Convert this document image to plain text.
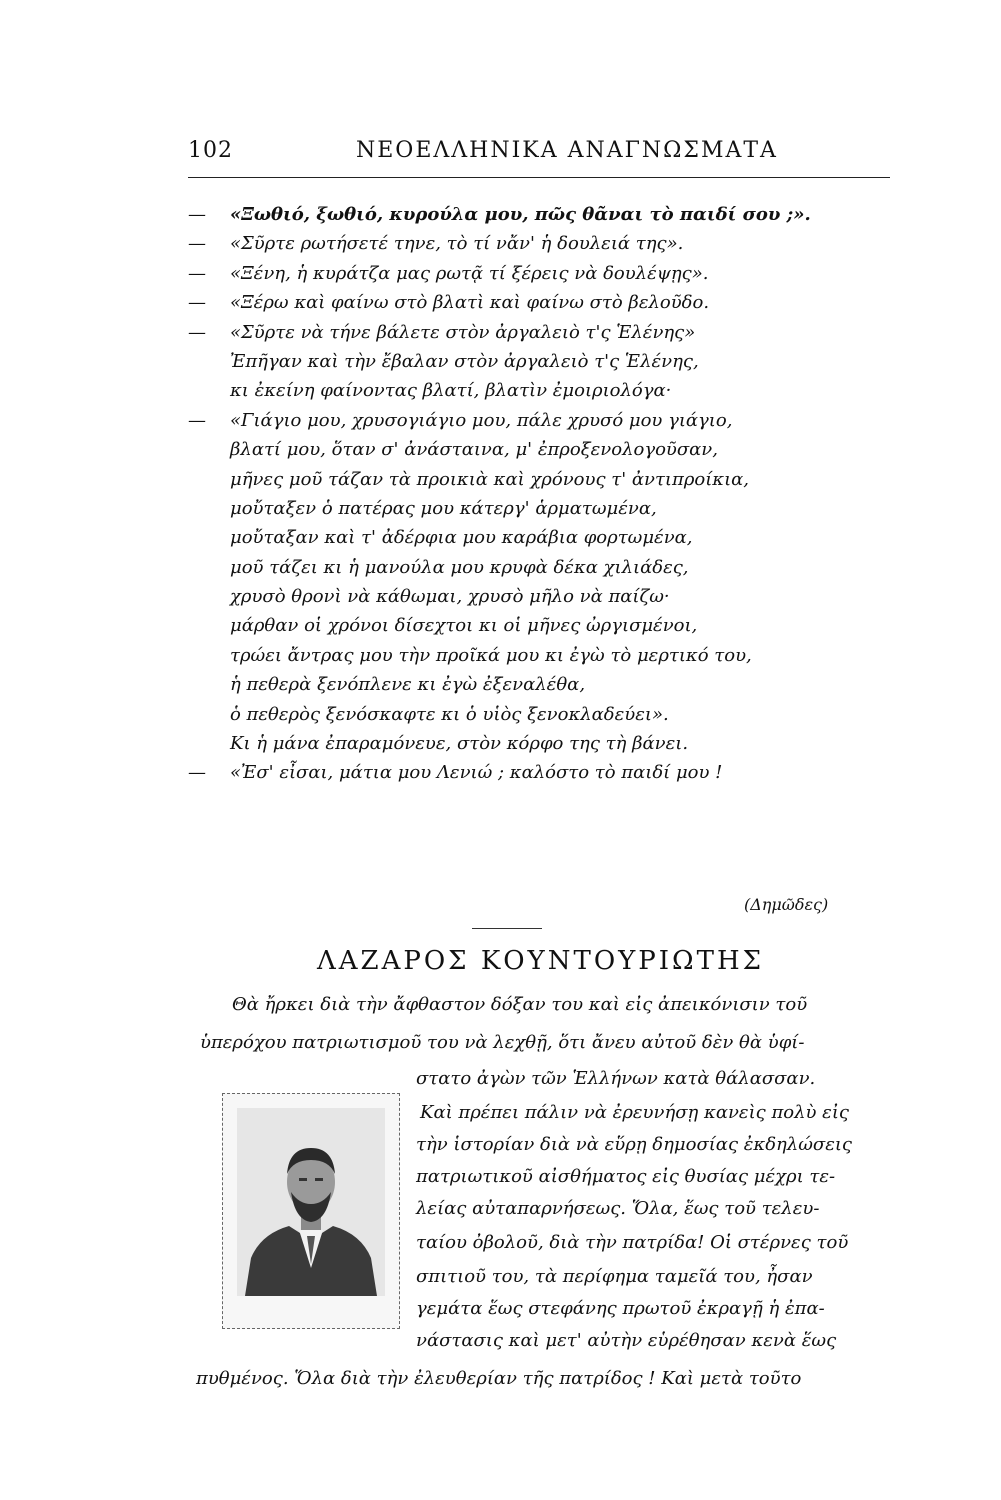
102	ΝΕΟΕΛΛΗΝΙΚΑ ΑΝΑΓΝΩΣΜΑΤΑ
— «Ξωθιό, ξωθιό, κυρούλα μου, πῶς θᾶναι τὸ παιδί σου ;».
— «Σῦρτε ρωτήσετέ τηνε, τὸ τί νἄν' ἡ δουλειά της».
— «Ξένη, ἡ κυράτζα μας ρωτᾷ τί ξέρεις νὰ δουλέψῃς».
— «Ξέρω καὶ φαίνω στὸ βλατὶ καὶ φαίνω στὸ βελοῦδο.
— «Σῦρτε νὰ τήνε βάλετε στὸν ἀργαλειὸ τ'ς Ἑλένης»
Ἐπῆγαν καὶ τὴν ἔβαλαν στὸν ἀργαλειὸ τ'ς Ἑλένης,
κι ἐκείνη φαίνοντας βλατί, βλατὶν ἐμοιριολόγα·
— «Γιάγιο μου, χρυσογιάγιο μου, πάλε χρυσό μου γιάγιο,
βλατί μου, ὅταν σ' ἀνάσταινα, μ' ἐπροξενολογοῦσαν,
μῆνες μοῦ τάζαν τὰ προικιὰ καὶ χρόνους τ' ἀντιπροίκια,
μοὔταξεν ὁ πατέρας μου κάτεργ' ἁρματωμένα,
μοὔταξαν καὶ τ' ἀδέρφια μου καράβια φορτωμένα,
μοῦ τάζει κι ἡ μανούλα μου κρυφὰ δέκα χιλιάδες,
χρυσὸ θρονὶ νὰ κάθωμαι, χρυσὸ μῆλο νὰ παίζω·
μάρθαν οἱ χρόνοι δίσεχτοι κι οἱ μῆνες ὠργισμένοι,
τρώει ἄντρας μου τὴν προῖκά μου κι ἐγὼ τὸ μερτικό του,
ἡ πεθερὰ ξενόπλενε κι ἐγὼ ἐξεναλέθα,
ὁ πεθερὸς ξενόσκαφτε κι ὁ υἱὸς ξενοκλαδεύει».
Κι ἡ μάνα ἐπαραμόνευε, στὸν κόρφο της τὴ βάνει.
— «Ἐσ' εἶσαι, μάτια μου Λενιώ ; καλόστο τὸ παιδί μου !
(Δημῶδες)
ΛΑΖΑΡΟΣ ΚΟΥΝΤΟΥΡΙΩΤΗΣ
Θὰ ἤρκει διὰ τὴν ἄφθαστον δόξαν του καὶ εἰς ἀπεικόνισιν τοῦ
ὑπερόχου πατριωτισμοῦ του νὰ λεχθῇ, ὅτι ἄνευ αὐτοῦ δὲν θὰ ὑφί-
στατο ἀγὼν τῶν Ἑλλήνων κατὰ θάλασσαν.
Καὶ πρέπει πάλιν νὰ ἐρευνήσῃ κανεὶς πολὺ εἰς
τὴν ἱστορίαν διὰ νὰ εὕρῃ δημοσίας ἐκδηλώσεις
πατριωτικοῦ αἰσθήματος εἰς θυσίας μέχρι τε-
λείας αὐταπαρνήσεως. Ὅλα, ἕως τοῦ τελευ-
ταίου ὀβολοῦ, διὰ τὴν πατρίδα! Οἱ στέρνες τοῦ
σπιτιοῦ του, τὰ περίφημα ταμεῖά του, ἦσαν
γεμάτα ἕως στεφάνης πρωτοῦ ἐκραγῇ ἡ ἐπα-
νάστασις καὶ μετ' αὐτὴν εὑρέθησαν κενὰ ἕως
πυθμένος. Ὅλα διὰ τὴν ἐλευθερίαν τῆς πατρίδος ! Καὶ μετὰ τοῦτο
